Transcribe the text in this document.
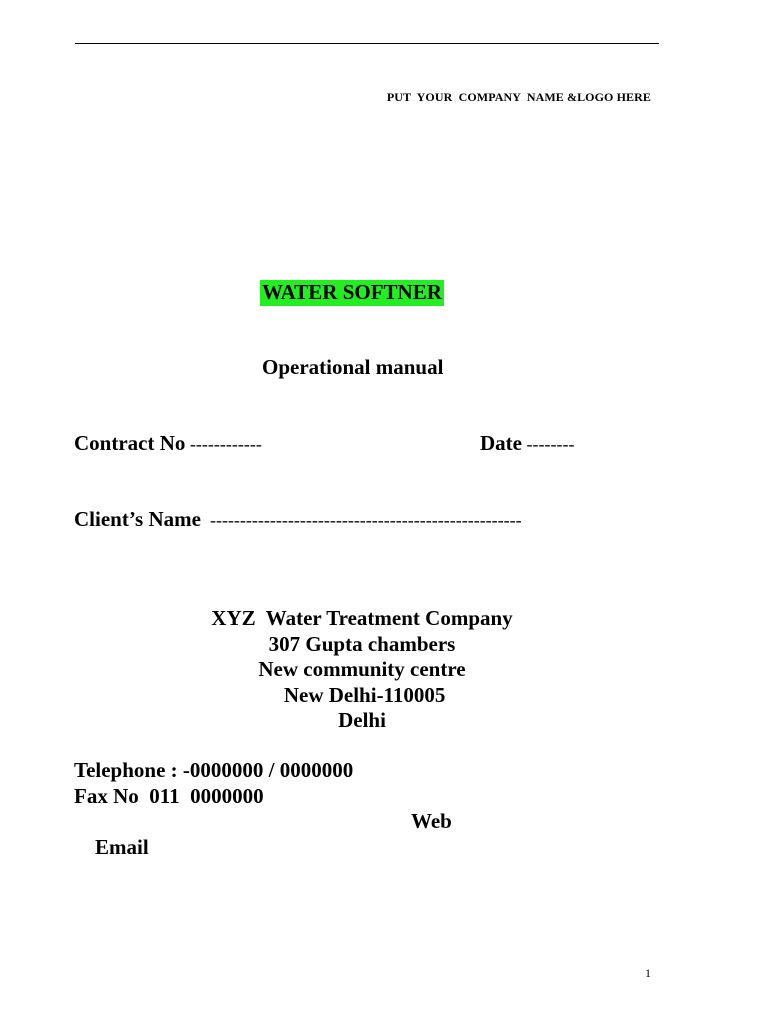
PUT  YOUR  COMPANY  NAME &LOGO HERE
WATER SOFTNER
Operational manual
Contract No ------------	Date --------
Client’s Name  ----------------------------------------------------
XYZ  Water Treatment Company
307 Gupta chambers
New community centre
New Delhi-110005
Delhi
Telephone : -0000000 / 0000000
Fax No  011  0000000

Email

Web

1
